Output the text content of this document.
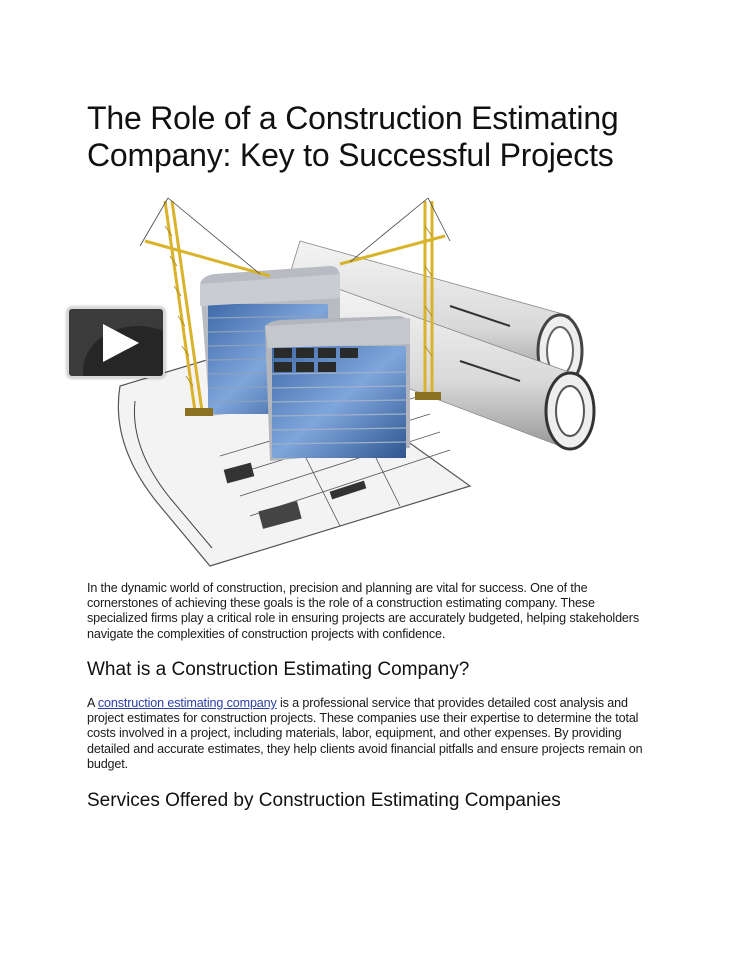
The Role of a Construction Estimating Company: Key to Successful Projects

In the dynamic world of construction, precision and planning are vital for success. One of the cornerstones of achieving these goals is the role of a construction estimating company. These specialized firms play a critical role in ensuring projects are accurately budgeted, helping stakeholders navigate the complexities of construction projects with confidence.

What is a Construction Estimating Company?

A construction estimating company is a professional service that provides detailed cost analysis and project estimates for construction projects. These companies use their expertise to determine the total costs involved in a project, including materials, labor, equipment, and other expenses. By providing detailed and accurate estimates, they help clients avoid financial pitfalls and ensure projects remain on budget.

Services Offered by Construction Estimating Companies
